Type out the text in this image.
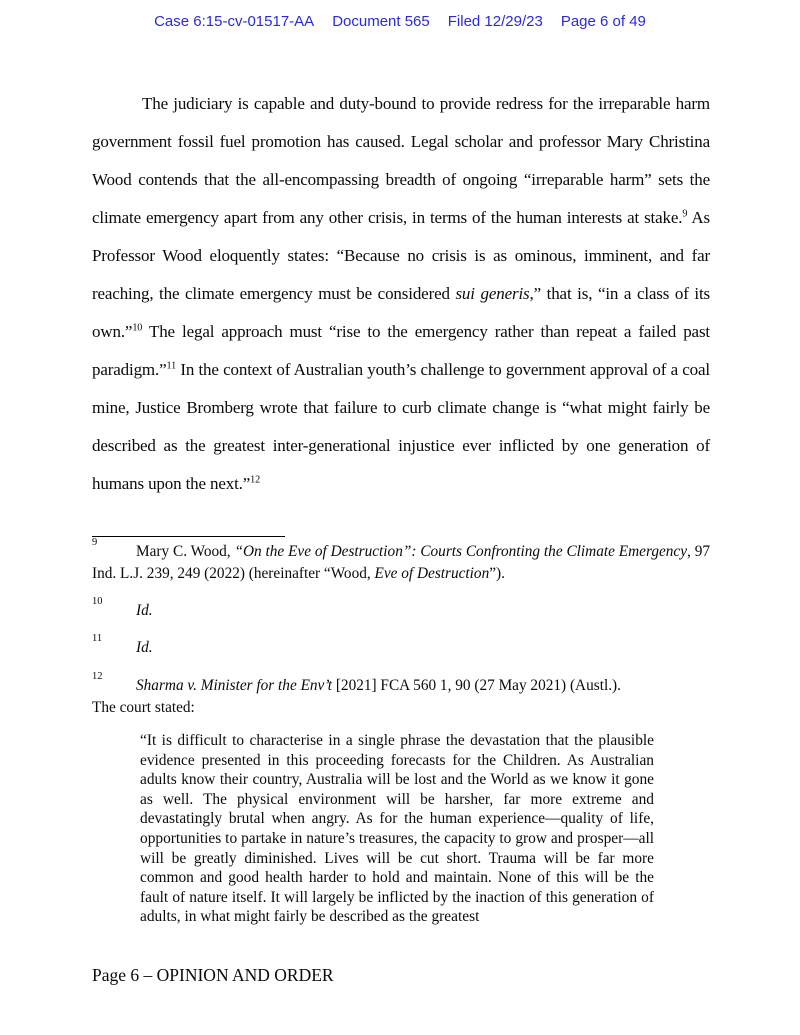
Case 6:15-cv-01517-AA Document 565 Filed 12/29/23 Page 6 of 49

The judiciary is capable and duty-bound to provide redress for the irreparable harm government fossil fuel promotion has caused. Legal scholar and professor Mary Christina Wood contends that the all-encompassing breadth of ongoing “irreparable harm” sets the climate emergency apart from any other crisis, in terms of the human interests at stake.$^9$ As Professor Wood eloquently states: “Because no crisis is as ominous, imminent, and far reaching, the climate emergency must be considered sui generis,” that is, “in a class of its own.”$^{10}$ The legal approach must “rise to the emergency rather than repeat a failed past paradigm.”$^{11}$ In the context of Australian youth’s challenge to government approval of a coal mine, Justice Bromberg wrote that failure to curb climate change is “what might fairly be described as the greatest inter-generational injustice ever inflicted by one generation of humans upon the next.”$^{12}$

$^9$Mary C. Wood, “On the Eve of Destruction”: Courts Confronting the Climate Emergency, 97 Ind. L.J. 239, 249 (2022) (hereinafter “Wood, Eve of Destruction”).
$^{10}$Id.
$^{11}$Id.
$^{12}$Sharma v. Minister for the Env’t [2021] FCA 560 1, 90 (27 May 2021) (Austl.).
The court stated:

“It is difficult to characterise in a single phrase the devastation that the plausible evidence presented in this proceeding forecasts for the Children. As Australian adults know their country, Australia will be lost and the World as we know it gone as well. The physical environment will be harsher, far more extreme and devastatingly brutal when angry. As for the human experience—quality of life, opportunities to partake in nature’s treasures, the capacity to grow and prosper—all will be greatly diminished. Lives will be cut short. Trauma will be far more common and good health harder to hold and maintain. None of this will be the fault of nature itself. It will largely be inflicted by the inaction of this generation of adults, in what might fairly be described as the greatest

Page 6 – OPINION AND ORDER
